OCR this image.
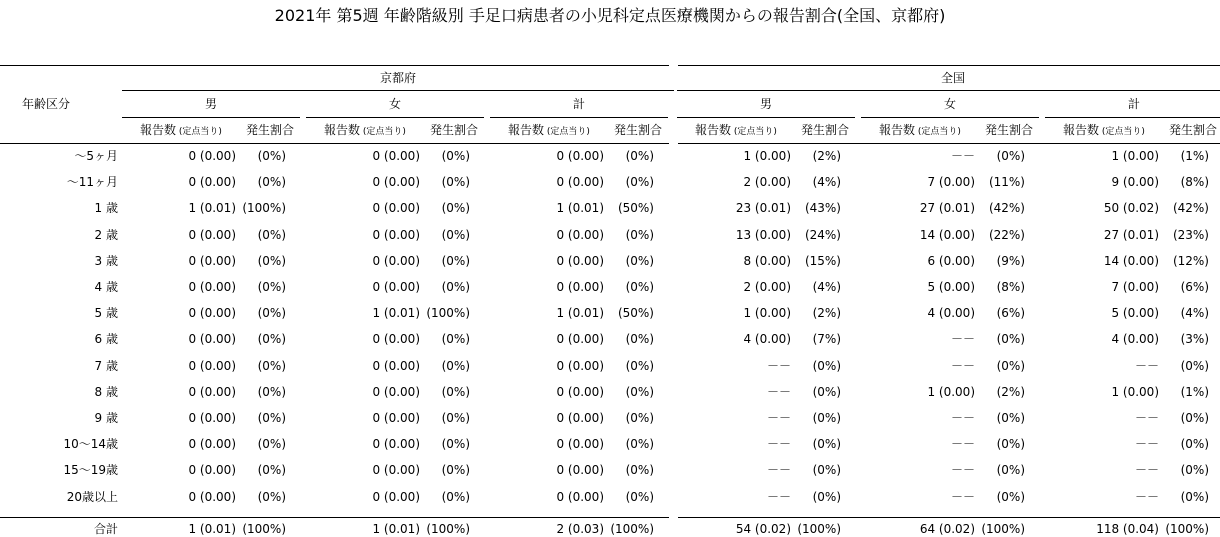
2021年 第5週 年齢階級別 手足口病患者の小児科定点医療機関からの報告割合(全国、京都府)
年齢区分
京都府
男
報告数 (定点当り) 発生割合
女
報告数 (定点当り) 発生割合
計
報告数 (定点当り) 発生割合
全国
男
報告数 (定点当り) 発生割合
女
報告数 (定点当り) 発生割合
計
報告数 (定点当り) 発生割合
～5ヶ月	0 (0.00)	(0%)	0 (0.00)	(0%)	0 (0.00)	(0%)	1 (0.00)	(2%)	－－	(0%)	1 (0.00)	(1%)
～11ヶ月	0 (0.00)	(0%)	0 (0.00)	(0%)	0 (0.00)	(0%)	2 (0.00)	(4%)	7 (0.00)	(11%)	9 (0.00)	(8%)
1 歳	1 (0.01) (100%)	0 (0.00)	(0%)	1 (0.01)	(50%)	23 (0.01)	(43%)	27 (0.01)	(42%)	50 (0.02)	(42%)
2 歳	0 (0.00)	(0%)	0 (0.00)	(0%)	0 (0.00)	(0%)	13 (0.00)	(24%)	14 (0.00)	(22%)	27 (0.01)	(23%)
3 歳	0 (0.00)	(0%)	0 (0.00)	(0%)	0 (0.00)	(0%)	8 (0.00)	(15%)	6 (0.00)	(9%)	14 (0.00)	(12%)
4 歳	0 (0.00)	(0%)	0 (0.00)	(0%)	0 (0.00)	(0%)	2 (0.00)	(4%)	5 (0.00)	(8%)	7 (0.00)	(6%)
5 歳	0 (0.00)	(0%)	1 (0.01) (100%)	1 (0.01)	(50%)	1 (0.00)	(2%)	4 (0.00)	(6%)	5 (0.00)	(4%)
6 歳	0 (0.00)	(0%)	0 (0.00)	(0%)	0 (0.00)	(0%)	4 (0.00)	(7%)	－－	(0%)	4 (0.00)	(3%)
7 歳	0 (0.00)	(0%)	0 (0.00)	(0%)	0 (0.00)	(0%)	－－	(0%)	－－	(0%)	－－	(0%)
8 歳	0 (0.00)	(0%)	0 (0.00)	(0%)	0 (0.00)	(0%)	－－	(0%)	1 (0.00)	(2%)	1 (0.00)	(1%)
9 歳	0 (0.00)	(0%)	0 (0.00)	(0%)	0 (0.00)	(0%)	－－	(0%)	－－	(0%)	－－	(0%)
10～14歳	0 (0.00)	(0%)	0 (0.00)	(0%)	0 (0.00)	(0%)	－－	(0%)	－－	(0%)	－－	(0%)
15～19歳	0 (0.00)	(0%)	0 (0.00)	(0%)	0 (0.00)	(0%)	－－	(0%)	－－	(0%)	－－	(0%)
20歳以上	0 (0.00)	(0%)	0 (0.00)	(0%)	0 (0.00)	(0%)	－－	(0%)	－－	(0%)	－－	(0%)
合計	1 (0.01) (100%)	1 (0.01) (100%)	2 (0.03) (100%)	54 (0.02) (100%)	64 (0.02) (100%)	118 (0.04) (100%)
